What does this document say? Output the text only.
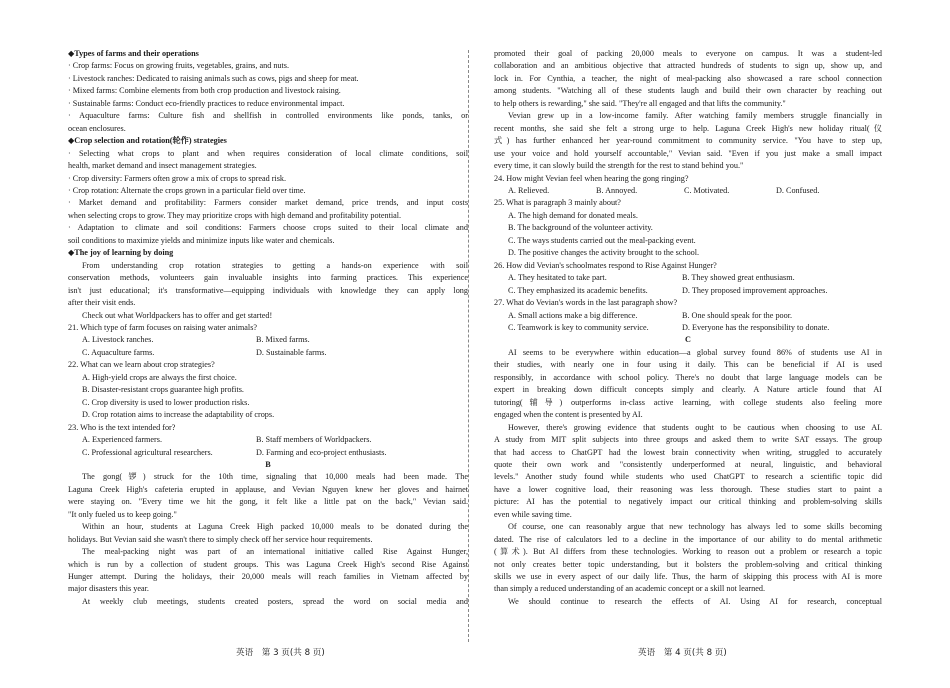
◆Types of farms and their operations
· Crop farms: Focus on growing fruits, vegetables, grains, and nuts.
· Livestock ranches: Dedicated to raising animals such as cows, pigs and sheep for meat.
· Mixed farms: Combine elements from both crop production and livestock raising.
· Sustainable farms: Conduct eco-friendly practices to reduce environmental impact.
· Aquaculture farms: Culture fish and shellfish in controlled environments like ponds, tanks, or
ocean enclosures.
◆Crop selection and rotation(轮作) strategies
· Selecting what crops to plant and when requires consideration of local climate conditions, soil
health, market demand and insect management strategies.
· Crop diversity: Farmers often grow a mix of crops to spread risk.
· Crop rotation: Alternate the crops grown in a particular field over time.
· Market demand and profitability: Farmers consider market demand, price trends, and input costs
when selecting crops to grow. They may prioritize crops with high demand and profitability potential.
· Adaptation to climate and soil conditions: Farmers choose crops suited to their local climate and
soil conditions to maximize yields and minimize inputs like water and chemicals.
◆The joy of learning by doing
From understanding crop rotation strategies to getting a hands-on experience with soil
conservation methods, volunteers gain invaluable insights into farming practices. This experience
isn't just educational; it's transformative—equipping individuals with knowledge they can apply long
after their visit ends.
Check out what Worldpackers has to offer and get started!
21. Which type of farm focuses on raising water animals?
A. Livestock ranches.	B. Mixed farms.
C. Aquaculture farms.	D. Sustainable farms.
22. What can we learn about crop strategies?
A. High-yield crops are always the first choice.
B. Disaster-resistant crops guarantee high profits.
C. Crop diversity is used to lower production risks.
D. Crop rotation aims to increase the adaptability of crops.
23. Who is the text intended for?
A. Experienced farmers.	B. Staff members of Worldpackers.
C. Professional agricultural researchers.	D. Farming and eco-project enthusiasts.
B
The gong(锣) struck for the 10th time, signaling that 10,000 meals had been made. The
Laguna Creek High's cafeteria erupted in applause, and Vevian Nguyen knew her gloves and hairnet
were staying on. "Every time we hit the gong, it felt like a little pat on the back," Vevian said.
"It only fueled us to keep going."
Within an hour, students at Laguna Creek High packed 10,000 meals to be donated during the
holidays. But Vevian said she wasn't there to simply check off her service hour requirements.
The meal-packing night was part of an international initiative called Rise Against Hunger,
which is run by a collection of student groups. This was Laguna Creek High's second Rise Against
Hunger attempt. During the holidays, their 20,000 meals will reach families in Vietnam affected by
major disasters this year.
At weekly club meetings, students created posters, spread the word on social media and
promoted their goal of packing 20,000 meals to everyone on campus. It was a student-led
collaboration and an ambitious objective that attracted hundreds of students to sign up, show up, and
lock in. For Cynthia, a teacher, the night of meal-packing also showcased a rare school connection
among students. "Watching all of these students laugh and build their own character by reaching out
to help others is rewarding," she said. "They're all engaged and that lifts the community."
Vevian grew up in a low-income family. After watching family members struggle financially in
recent months, she said she felt a strong urge to help. Laguna Creek High's new holiday ritual(仪
式) has further enhanced her year-round commitment to community service. "You have to step up,
use your voice and hold yourself accountable," Vevian said. "Even if you just make a small impact
every time, it can slowly build the strength for the rest to stand behind you."
24. How might Vevian feel when hearing the gong ringing?
A. Relieved.	B. Annoyed.	C. Motivated.	D. Confused.
25. What is paragraph 3 mainly about?
A. The high demand for donated meals.
B. The background of the volunteer activity.
C. The ways students carried out the meal-packing event.
D. The positive changes the activity brought to the school.
26. How did Vevian's schoolmates respond to Rise Against Hunger?
A. They hesitated to take part.	B. They showed great enthusiasm.
C. They emphasized its academic benefits.	D. They proposed improvement approaches.
27. What do Vevian's words in the last paragraph show?
A. Small actions make a big difference.	B. One should speak for the poor.
C. Teamwork is key to community service.	D. Everyone has the responsibility to donate.
C
AI seems to be everywhere within education—a global survey found 86% of students use AI in
their studies, with nearly one in four using it daily. This can be beneficial if AI is used
responsibly, in accordance with school policy. There's no doubt that large language models can be
expert in breaking down difficult concepts simply and clearly. A Nature article found that AI
tutoring(辅导) outperforms in-class active learning, with college students also feeling more
engaged when the content is presented by AI.
However, there's growing evidence that students ought to be cautious when choosing to use AI.
A study from MIT split subjects into three groups and asked them to write SAT essays. The group
that had access to ChatGPT had the lowest brain connectivity when writing, struggled to accurately
quote their own work and "consistently underperformed at neural, linguistic, and behavioral
levels." Another study found while students who used ChatGPT to research a scientific topic did
have a lower cognitive load, their reasoning was less thorough. These studies start to paint a
picture: AI has the potential to negatively impact our critical thinking and problem-solving skills
even while saving time.
Of course, one can reasonably argue that new technology has always led to some skills becoming
dated. The rise of calculators led to a decline in the importance of our ability to do mental arithmetic
(算术). But AI differs from these technologies. Working to reason out a problem or research a topic
not only creates better topic understanding, but it bolsters the problem-solving and critical thinking
skills we use in every aspect of our daily life. Thus, the harm of skipping this process with AI is more
than simply a reduced understanding of an academic concept or a skill not learned.
We should continue to research the effects of AI. Using AI for research, conceptual
英语　第 3 页(共 8 页)	英语　第 4 页(共 8 页)
